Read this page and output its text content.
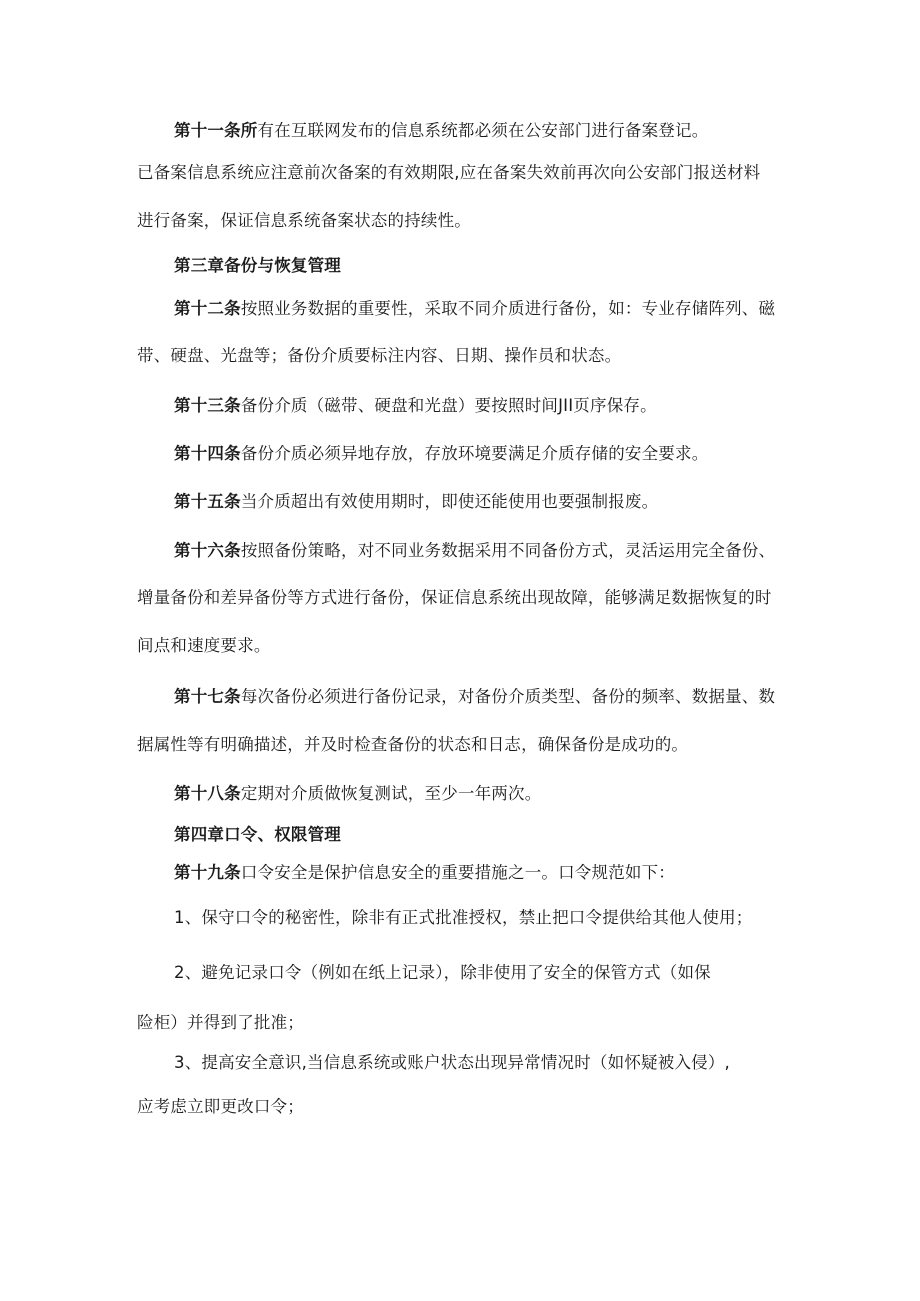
第十一条所有在互联网发布的信息系统都必须在公安部门进行备案登记。
已备案信息系统应注意前次备案的有效期限,应在备案失效前再次向公安部门报送材料
进行备案，保证信息系统备案状态的持续性。
第三章备份与恢复管理
第十二条按照业务数据的重要性，采取不同介质进行备份，如：专业存储阵列、磁
带、硬盘、光盘等；备份介质要标注内容、日期、操作员和状态。
第十三条备份介质（磁带、硬盘和光盘）要按照时间JII页序保存。
第十四条备份介质必须异地存放，存放环境要满足介质存储的安全要求。
第十五条当介质超出有效使用期时，即使还能使用也要强制报废。
第十六条按照备份策略，对不同业务数据采用不同备份方式，灵活运用完全备份、
增量备份和差异备份等方式进行备份，保证信息系统出现故障，能够满足数据恢复的时
间点和速度要求。
第十七条每次备份必须进行备份记录，对备份介质类型、备份的频率、数据量、数
据属性等有明确描述，并及时检查备份的状态和日志，确保备份是成功的。
第十八条定期对介质做恢复测试，至少一年两次。
第四章口令、权限管理
第十九条口令安全是保护信息安全的重要措施之一。口令规范如下：
1、保守口令的秘密性，除非有正式批准授权，禁止把口令提供给其他人使用；
2、避免记录口令（例如在纸上记录），除非使用了安全的保管方式（如保
险柜）并得到了批准；
3、提高安全意识,当信息系统或账户状态出现异常情况时（如怀疑被入侵）,
应考虑立即更改口令；
